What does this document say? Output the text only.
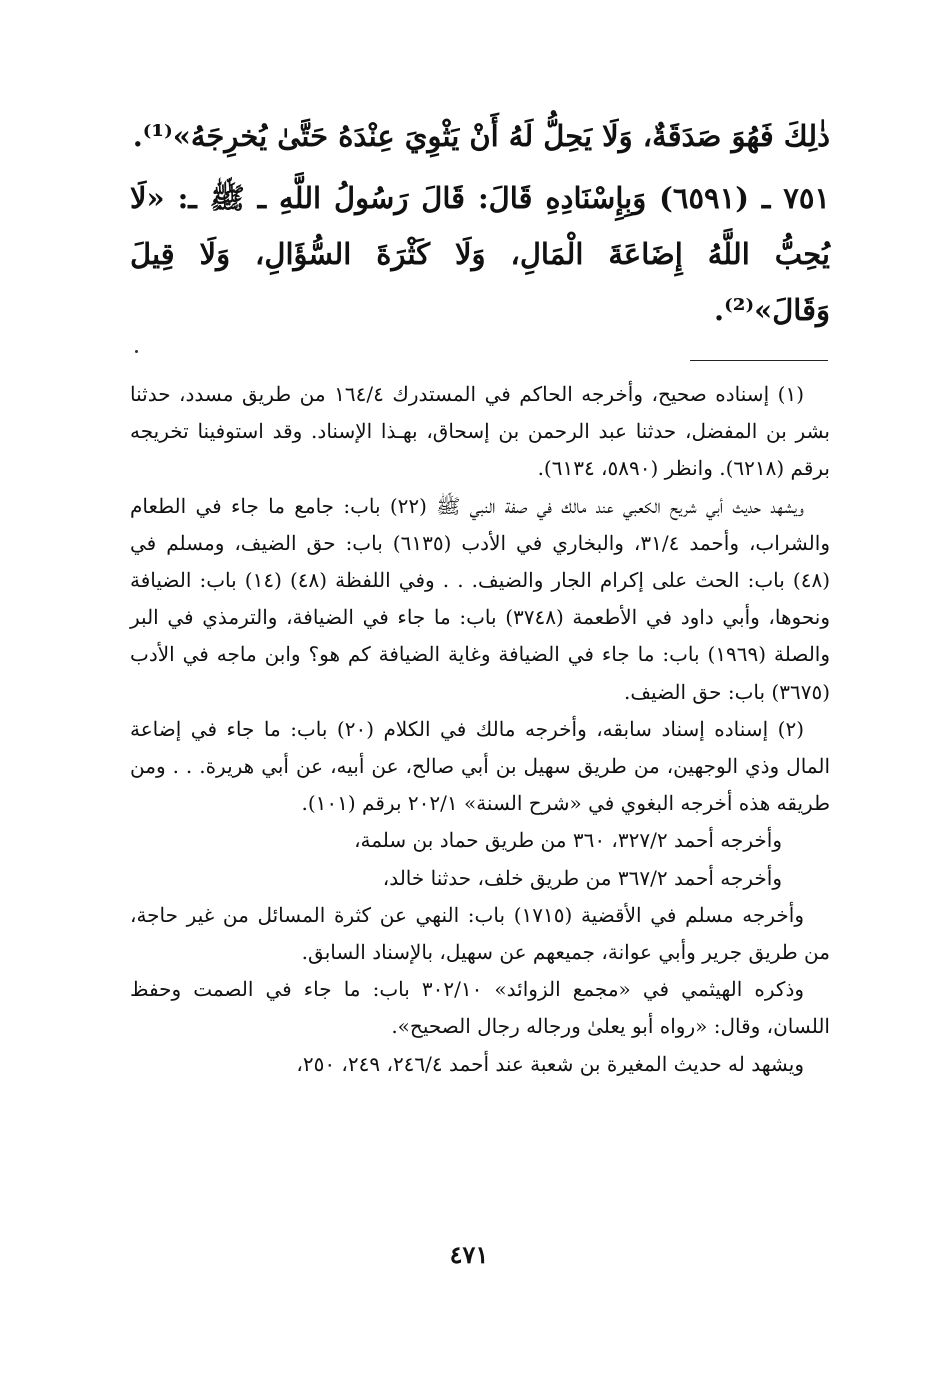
ذٰلِكَ فَهُوَ صَدَقَةٌ، وَلَا يَحِلُّ لَهُ أَنْ يَثْوِيَ عِنْدَهُ حَتَّىٰ يُخرِجَهُ»⁽¹⁾.

٧٥١ ـ (٦٥٩١) وَبِإِسْنَادِهِ قَالَ: قَالَ رَسُولُ اللَّهِ ـ ﷺ ـ: «لَا يُحِبُّ اللَّهُ إِضَاعَةَ الْمَالِ، وَلَا كَثْرَةَ السُّؤَالِ، وَلَا قِيلَ وَقَالَ»⁽²⁾.

(١) إسناده صحيح، وأخرجه الحاكم في المستدرك ١٦٤/٤ من طريق مسدد، حدثنا بشر بن المفضل، حدثنا عبد الرحمن بن إسحاق، بهـذا الإسناد. وقد استوفينا تخريجه برقم (٦٢١٨). وانظر (٥٨٩٠، ٦١٣٤).

ويشهد حديث أبي شريح الكعبي عند مالك في صفة النبي ﷺ (٢٢) باب: جامع ما جاء في الطعام والشراب، وأحمد ٣١/٤، والبخاري في الأدب (٦١٣٥) باب: حق الضيف، ومسلم في (٤٨) باب: الحث على إكرام الجار والضيف. . . وفي اللفظة (٤٨) (١٤) باب: الضيافة ونحوها، وأبي داود في الأطعمة (٣٧٤٨) باب: ما جاء في الضيافة، والترمذي في البر والصلة (١٩٦٩) باب: ما جاء في الضيافة وغاية الضيافة كم هو؟ وابن ماجه في الأدب (٣٦٧٥) باب: حق الضيف.

(٢) إسناده إسناد سابقه، وأخرجه مالك في الكلام (٢٠) باب: ما جاء في إضاعة المال وذي الوجهين، من طريق سهيل بن أبي صالح، عن أبيه، عن أبي هريرة. . . ومن طريقه هذه أخرجه البغوي في «شرح السنة» ٢٠٢/١ برقم (١٠١).

وأخرجه أحمد ٣٢٧/٢، ٣٦٠ من طريق حماد بن سلمة،

وأخرجه أحمد ٣٦٧/٢ من طريق خلف، حدثنا خالد،

وأخرجه مسلم في الأقضية (١٧١٥) باب: النهي عن كثرة المسائل من غير حاجة، من طريق جرير وأبي عوانة، جميعهم عن سهيل، بالإسناد السابق.

وذكره الهيثمي في «مجمع الزوائد» ٣٠٢/١٠ باب: ما جاء في الصمت وحفظ اللسان، وقال: «رواه أبو يعلىٰ ورجاله رجال الصحيح».

ويشهد له حديث المغيرة بن شعبة عند أحمد ٢٤٦/٤، ٢٤٩، ٢٥٠،

٤٧١
